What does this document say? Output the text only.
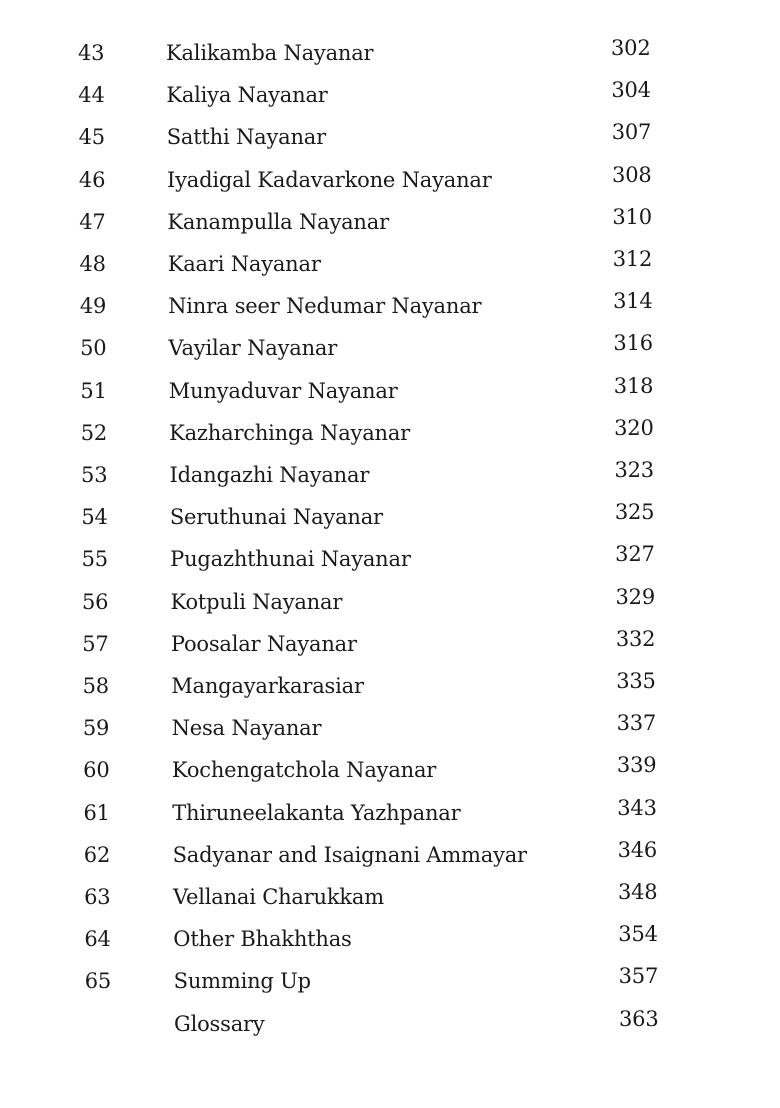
43	Kalikamba Nayanar	302
44	Kaliya Nayanar	304
45	Satthi Nayanar	307
46	Iyadigal Kadavarkone Nayanar	308
47	Kanampulla Nayanar	310
48	Kaari Nayanar	312
49	Ninra seer Nedumar Nayanar	314
50	Vayilar Nayanar	316
51	Munyaduvar Nayanar	318
52	Kazharchinga Nayanar	320
53	Idangazhi Nayanar	323
54	Seruthunai Nayanar	325
55	Pugazhthunai Nayanar	327
56	Kotpuli Nayanar	329
57	Poosalar Nayanar	332
58	Mangayarkarasiar	335
59	Nesa Nayanar	337
60	Kochengatchola Nayanar	339
61	Thiruneelakanta Yazhpanar	343
62	Sadyanar and Isaignani Ammayar	346
63	Vellanai Charukkam	348
64	Other Bhakhthas	354
65	Summing Up	357
Glossary	363
